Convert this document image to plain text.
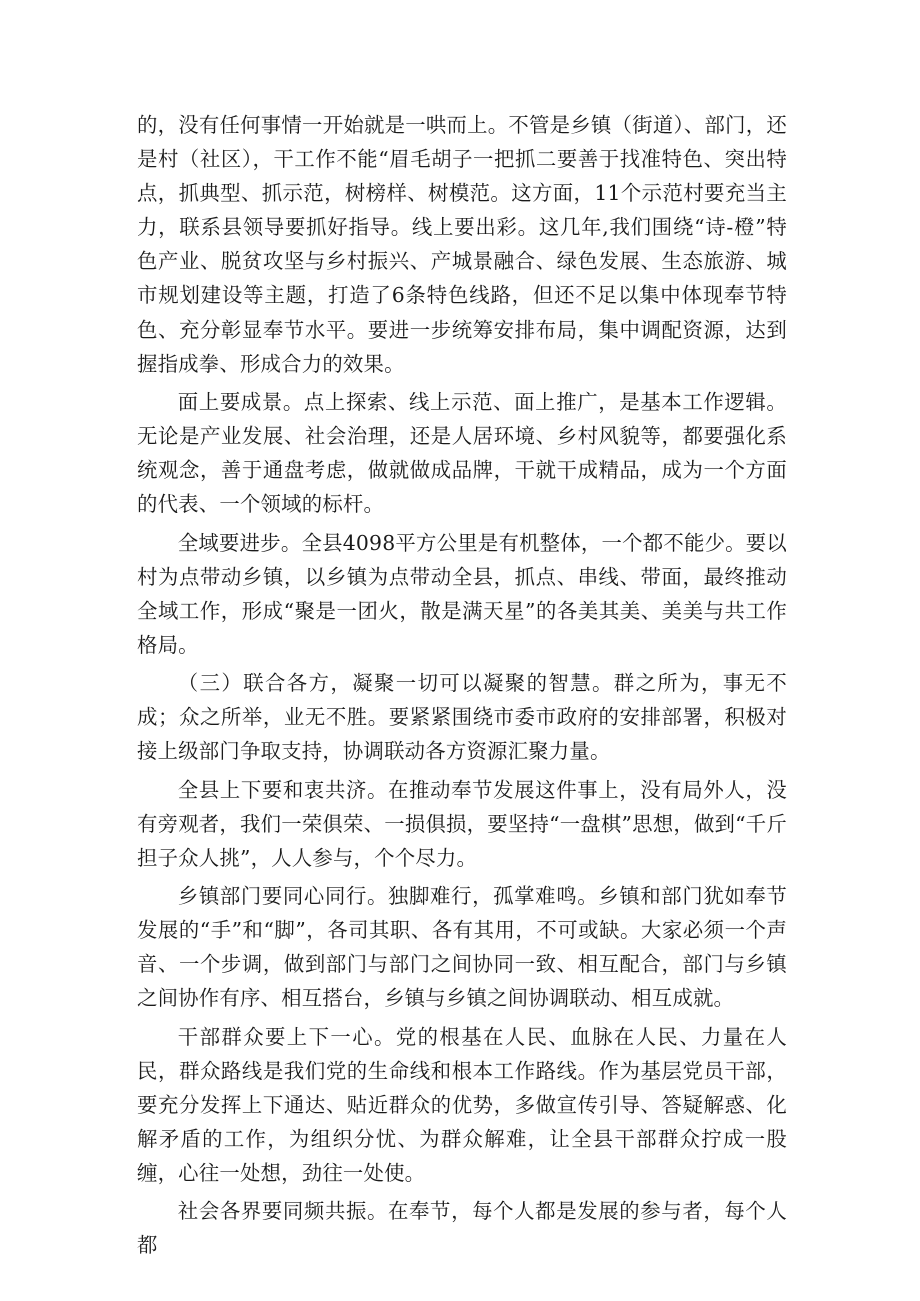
的，没有任何事情一开始就是一哄而上。不管是乡镇（街道）、部门，还是村（社区），干工作不能“眉毛胡子一把抓二要善于找准特色、突出特点，抓典型、抓示范，树榜样、树模范。这方面，11个示范村要充当主力，联系县领导要抓好指导。线上要出彩。这几年,我们围绕“诗-橙”特色产业、脱贫攻坚与乡村振兴、产城景融合、绿色发展、生态旅游、城市规划建设等主题，打造了6条特色线路，但还不足以集中体现奉节特色、充分彰显奉节水平。要进一步统筹安排布局，集中调配资源，达到握指成拳、形成合力的效果。

面上要成景。点上探索、线上示范、面上推广，是基本工作逻辑。无论是产业发展、社会治理，还是人居环境、乡村风貌等，都要强化系统观念，善于通盘考虑，做就做成品牌，干就干成精品，成为一个方面的代表、一个领域的标杆。

全域要进步。全县4098平方公里是有机整体，一个都不能少。要以村为点带动乡镇，以乡镇为点带动全县，抓点、串线、带面，最终推动全域工作，形成“聚是一团火，散是满天星”的各美其美、美美与共工作格局。

（三）联合各方，凝聚一切可以凝聚的智慧。群之所为，事无不成；众之所举，业无不胜。要紧紧围绕市委市政府的安排部署，积极对接上级部门争取支持，协调联动各方资源汇聚力量。

全县上下要和衷共济。在推动奉节发展这件事上，没有局外人，没有旁观者，我们一荣俱荣、一损俱损，要坚持“一盘棋”思想，做到“千斤担子众人挑”，人人参与，个个尽力。

乡镇部门要同心同行。独脚难行，孤掌难鸣。乡镇和部门犹如奉节发展的“手”和“脚”，各司其职、各有其用，不可或缺。大家必须一个声音、一个步调，做到部门与部门之间协同一致、相互配合，部门与乡镇之间协作有序、相互搭台，乡镇与乡镇之间协调联动、相互成就。

干部群众要上下一心。党的根基在人民、血脉在人民、力量在人民，群众路线是我们党的生命线和根本工作路线。作为基层党员干部，要充分发挥上下通达、贴近群众的优势，多做宣传引导、答疑解惑、化解矛盾的工作，为组织分忧、为群众解难，让全县干部群众拧成一股缠，心往一处想，劲往一处使。

社会各界要同频共振。在奉节，每个人都是发展的参与者，每个人都
